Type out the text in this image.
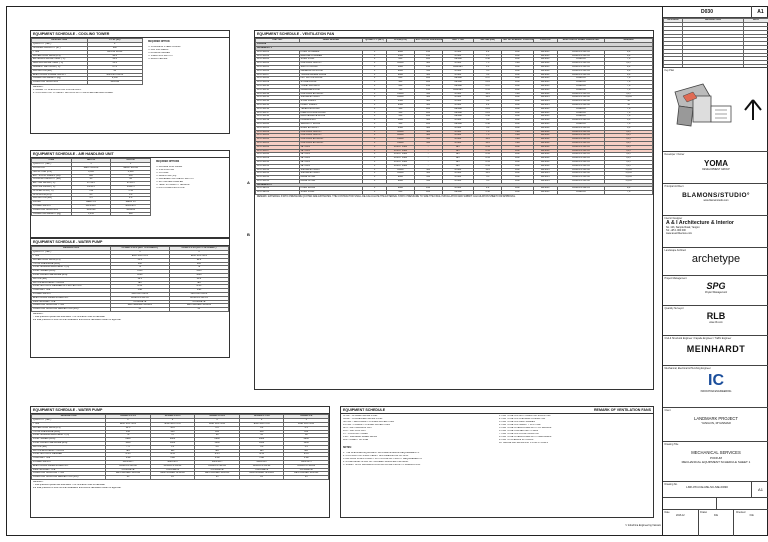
EQUIPMENT SCHEDULE - COOLING TOWER
DESCRIPTION	CT-01 (X2)
QUANTITY (SET)	2
NOMINAL CAPACITY (RT)	800
TYPE	CROSS FLOW
WATER FLOW RATE (L/S)	94.0
ENTERING WATER TEMP (°C)	36.0
LEAVING WATER TEMP (°C)	31.0
AMBIENT WET BULB (°C)	27.0
FAN MOTOR (kW)	30
ELECTRICAL POWER SUPPLY	380V/3PH/50HZ
OPERATING WEIGHT (kg)	9,500
VIBRATION ISOLATION	SPRING
REQUIRED OPTION
☐ STAINLESS STEEL CASING
☐ FRP FILL MEDIA
☐ ACCESS LADDER
☐ VIBRATION SWITCH
☐ BASIN HEATER
REMARK:
1. REFER TO SPECIFICATION FOR DETAILS.
2. CONTRACTOR TO VERIFY ALL DATA WITH SUPPLIER BEFORE ORDER.
EQUIPMENT SCHEDULE - AIR HANDLING UNIT
ITEM	AHU-01	AHU-02
QUANTITY (SET)	1	1
LOCATION	MECH ROOM	MECH ROOM
SUPPLY AIR (L/S)	4,500	3,200
EXT. STATIC PRESS. (Pa)	400	350
COOLING CAPACITY (kW)	85	62
ENT. AIR DB/WB (°C)	27/19.5	27/19.5
LVG. AIR DB/WB (°C)	13/12.5	13/12.5
CHW ENT/LVG (°C)	7/12	7/12
CHW FLOW (L/S)	4.1	3.0
FAN MOTOR (kW)	5.5	4.0
FILTER	MERV 13	MERV 13
POWER SUPPLY	380V/3PH	380V/3PH
VIBRATION ISOLATION	SPRING	SPRING
OPERATING WEIGHT (kg)	1,250	980
REQUIRED OPTIONS
☐ DOUBLE SKIN PANEL
☐ VSD FOR FAN
☐ UV LAMP
☐ DRAIN PAN (SS)
☐ DIFFERENTIAL PRESS. SWITCH
☐ MOTORISED DAMPER
☐ TEMP. & HUMIDITY SENSOR
☐ ANTI-CORROSION COIL
EQUIPMENT SCHEDULE - WATER PUMP
DESCRIPTION	PCHWP-P1-P3 (DUTY+STANDBY)	CDWP-P1-P3 (DUTY+STANDBY)
QUANTITY (SET)	3	3
TYPE	END SUCTION	END SUCTION
WATER FLOW RATE (L/S)	55.6	94.0
TOTAL PRESSURE (KPA)	180	200
PUMP MINIMUM EFFICIENCY (%)	75	78
PUMP SPEED (RPM)	1450	1450
PUMP RATED PRESSURE (kPa)	1000	1000
MOTOR (kW)	18.5	30.0
MOTOR EFFICIENCY CLASS	IE3	IE3
PUMP MOTOR IP DEGREE OF PROTECTION	IP55	IP55
STARTER TYPE	VSD	VSD
POWER SUPPLY	380V/3PH/50HZ	380V/3PH/50HZ
ELECTRICAL PANEL BOARD NO.	ACMCC-P-B1-01	ACMCC-P-B1-01
INERTIA BASE TYPE	CONCRETE	CONCRETE
VIBRATION ISOLATOR TYPE	RESTRAINED SPRING	RESTRAINED SPRING
VIBRATION ISOLATOR DEFLECTION (mm)	25	25
REMARK:
- Total pressure quoted are estimates. The contractor shall re-calculate
the total pressure to size the final installation and submit calculation sheet for approval.
EQUIPMENT SCHEDULE - WATER PUMP
DESCRIPTION	SCHWP-P1-P2	SCHWP-P3-P4	SCHWP-P5-P6	SCHWP-P7-P8	SCHWP-P9
QUANTITY (SET)	2	2	2	2	1
TYPE	END SUCTION	END SUCTION	END SUCTION	END SUCTION	END SUCTION
WATER FLOW RATE (L/S)	12.5	10.2	8.6	6.4	3.1
TOTAL PRESSURE (KPA)	250	240	220	200	180
PUMP MINIMUM EFFICIENCY (%)	70	70	68	65	60
PUMP SPEED (RPM)	2900	2900	2900	2900	2900
PUMP RATED PRESSURE (kPa)	1000	1000	1000	1000	1000
MOTOR (kW)	7.5	5.5	4.0	3.0	1.5
MOTOR EFFICIENCY CLASS	IE3	IE3	IE3	IE3	IE3
PUMP MOTOR IP DEGREE	IP55	IP55	IP55	IP55	IP55
STARTER TYPE	VSD	VSD	VSD	VSD	VSD
POWER SUPPLY	380V/3PH	380V/3PH	380V/3PH	380V/3PH	380V/3PH
ELECTRICAL PANEL BOARD NO.	ACMCC-P-B1-02	ACMCC-P-B1-02	ACMCC-P-B1-02	ACMCC-P-B1-02	ACMCC-P-B1-02
INERTIA BASE TYPE	CONCRETE	CONCRETE	CONCRETE	CONCRETE	CONCRETE
VIBRATION ISOLATOR TYPE	RESTRAINED SPRING	RESTRAINED SPRING	RESTRAINED SPRING	RESTRAINED SPRING	RESTRAINED SPRING
VIBRATION ISOLATOR DEFLECTION (mm)	25	25	25	25	25
REMARK:
- Total pressure quoted are estimates. The contractor shall re-calculate
the total pressure to size the final installation and submit calculation sheet for approval.
EQUIPMENT SCHEDULE - VENTILATION FAN
UNIT NO.	AREA SERVED	QUANTITY (SET)	FLOW (L/S)	EXT. STATIC PRESSURE	UNIT TYPE	MOTOR (kW)	NO. OF SPEEDS / STARTER	STARTER	ELECTRICAL PANEL BOARD NO.	REMARK
PODIUM										
BASEMENT 1										
FF-P-B1-01	PUMP CHAMBER	1	2000	250	AXIAL	2.2	DOL	DB-MV1	ACMCC-P-B1-03	8,9
FF-P-B1-02	REFUSE CHAMBER	1	1500	250	AXIAL	1.5	DOL	DB-MV1	ACMCC-P-B1-03	8,9
FF-P-B1-03	SUMP PUMP	1	200	200	INLINE	0.18	DOL	DB-MV1	Local DB	7,8
FF-P-B1-04	CAR PARK SUPPLY	1	12000	400	AXIAL	7.5	VSD	DB-MV2	ACMCC-P-B1-04	5,6,7
FF-P-B1-05	SWITCH ROOM	1	1800	250	CABINET	1.1	DOL	DB-MV1	ACMCC-P-B1-03	8,9
FF-P-B1-06	GENERATOR ROOM	1	9000	350	AXIAL	5.5	DOL	DB-MV2	ACMCC-P-B1-04	8,9
FF-P-B1-07	TRANSFORMER ROOM	1	6000	300	AXIAL	3.0	DOL	DB-MV2	ACMCC-P-B1-04	8,9
FF-P-B1-08	LIFT MOTOR ROOM	1	800	200	INLINE	0.37	DOL	DB-MV1	Local DB	7,8
FF-P-B1-09	STORE ROOM	1	400	200	INLINE	0.25	DOL	DB-MV1	Local DB	7,8
FF-P-B1-10	TOILET EXHAUST	1	600	250	INLINE	0.37	DOL	DB-MV1	Local DB	7,8
FF-P-B1-11	GARBAGE ROOM	1	700	250	CABINET	0.55	DOL	DB-MV1	Local DB	7,8
FF-P-B1-12	CAR PARK EXHAUST	1	14000	450	AXIAL	11.0	VSD	DB-MV2	ACMCC-P-B1-05	5,6,7
FF-P-B1-13	SMOKE EXTRACT	1	16000	500	AXIAL	15.0	DOL	DB-MV3	ACMCC-P-B1-06	5,6,10
FF-P-B1-14	STAIR PRESS.	1	3500	300	AXIAL	3.0	DOL	DB-MV3	ACMCC-P-B1-06	10
FF-P-B1-15	LOBBY PRESS.	1	2500	300	AXIAL	2.2	DOL	DB-MV3	ACMCC-P-B1-06	10
FF-P-B1-16	TELECOM ROOM	1	500	200	INLINE	0.25	DOL	DB-MV1	Local DB	7,8
FF-P-B1-17	FIRE CONTROL ROOM	1	450	200	INLINE	0.25	DOL	DB-MV1	Local DB	7,8
FF-P-B1-18	MAINTENANCE ROOM	1	350	200	INLINE	0.18	DOL	DB-MV1	Local DB	7,8
FF-P-B1-19	LOADING BAY	1	5000	300	AXIAL	3.0	DOL	DB-MV2	ACMCC-P-B1-05	5,6
FF-P-B1-20	SECURITY ROOM	1	300	200	INLINE	0.18	DOL	DB-MV1	Local DB	7,8
FF-P-B1-21	RAMP EXHAUST	1	4500	300	AXIAL	3.0	DOL	DB-MV2	ACMCC-P-B1-05	5,6
FF-P-B1-22	CAR PARK SUPPLY	1	12000	400	AXIAL	7.5	VSD	DB-MV2	ACMCC-P-B1-04	5,6,7
FF-P-B1-23	CAR PARK SUPPLY	1	12000	400	AXIAL	7.5	VSD	DB-MV2	ACMCC-P-B1-04	5,6,7
FF-P-B1-24	CAR PARK EXHAUST	1	14000	450	AXIAL	11.0	VSD	DB-MV2	ACMCC-P-B1-05	5,6,7
FF-P-B1-25	CAR PARK EXHAUST	1	14000	450	AXIAL	11.0	VSD	DB-MV2	ACMCC-P-B1-05	5,6,7
FF-P-B1-26	JET FAN	1	STRUT 1400	-	JET	0.55	DOL	DB-MV2	ACMCC-P-B1-05	5,6,7
FF-P-B1-27	JET FAN	1	STRUT 1400	-	JET	0.55	DOL	DB-MV2	ACMCC-P-B1-05	5,6,7
FF-P-B1-28	JET FAN	1	STRUT 1400	-	JET	0.55	DOL	DB-MV2	ACMCC-P-B1-05	5,6,7
FF-P-B1-29	JET FAN	1	STRUT 1400	-	JET	0.55	DOL	DB-MV2	ACMCC-P-B1-05	5,6,7
FF-P-B1-30	JET FAN	1	STRUT 1400	-	JET	0.55	DOL	DB-MV2	ACMCC-P-B1-05	5,6,7
FF-P-B1-31	JET FAN	1	STRUT 1400	-	JET	0.55	DOL	DB-MV2	ACMCC-P-B1-05	5,6,7
FF-P-B1-32	SMOKE EXTRACT	1	16000	500	AXIAL	15.0	DOL	DB-MV3	ACMCC-P-B1-06	5,6,10
FF-P-B1-33	SMOKE EXTRACT	1	16000	500	AXIAL	15.0	DOL	DB-MV3	ACMCC-P-B1-06	5,6,10
FF-P-B1-34	MAKE UP AIR	1	8000	350	AXIAL	5.5	DOL	DB-MV3	ACMCC-P-B1-06	5,6,10
FF-P-B1-35	MAKE UP AIR	1	8000	350	AXIAL	5.5	DOL	DB-MV3	ACMCC-P-B1-06	5,6,10
BASEMENT 2										
FF-P-B2-01	PUMP ROOM	1	2000	250	AXIAL	2.2	DOL	DB-MV1	ACMCC-P-B2-01	8,9
FF-P-B2-02	SUMP PUMP	1	200	200	INLINE	0.18	DOL	DB-MV1	Local DB	7,8
REMARK: EXTERNAL STATIC PRESSURE QUOTED ARE ESTIMATES. THE CONTRACTOR SHALL RE-CALCULATE THE EXTERNAL STATIC PRESSURE TO SIZE THE FINAL INSTALLATION AND SUBMIT CALCULATION SHEET FOR APPROVAL.
A
B
EQUIPMENT SCHEDULE	REMARK OF VENTILATION FANS
CHWP - CHILLED WATER PUMP
CDWP - CONDENSER WATER PUMP
SCHWP - SECONDARY CHILLED WATER PUMP
PCHWP - PRIMARY CHILLED WATER PUMP
AHU - AIR HANDLING UNIT
FCU - FAN COIL UNIT
CT - COOLING TOWER
VSD - VARIABLE SPEED DRIVE
DOL - DIRECT ON LINE
1. FAN TO BE C/W ANTI-VIBRATION MOUNTING
2. FAN TO BE C/W FLEXIBLE CONNECTOR
3. FAN TO BE C/W BIRD SCREEN
4. FAN TO BE C/W GRAVITY SHUTTER
5. FAN TO BE INTERLOCKED WITH CO SENSOR
6. FAN TO BE CONNECTED TO BMS
7. FAN TO BE C/W LOCAL ISOLATOR
8. FAN TO BE INTERLOCKED WITH FIRE ALARM
9. FAN TO OPERATE 24 HOURS
10. SMOKE FAN RATED 250°C FOR 2 HOURS
NOTES:
1. THE SPECIFIED EQUIPMENT DATA ARE MINIMUM REQUIREMENTS.
2. CONTRACTOR SHALL VERIFY ALL DIMENSIONS ON SITE.
3. ALL FANS SHALL COMPLY WITH LOCAL AUTHORITY REQUIREMENTS.
4. NOISE LEVEL SHALL NOT EXCEED SPECIFIED CRITERIA.
5. SUBMIT SHOP DRAWINGS FOR APPROVAL PRIOR TO FABRICATION.
© Indochina Engineering Vietnam
D030	A1
REVISION	DESCRIPTION	DATE

Key Plan
Developer / Owner
YOMA
DEVELOPMENT GROUP
Principal Architect
BLAMONS/STUDIO°
www.blamonstudio.com
Interior Designer
A & I Architecture & Interior
No. 123, Sample Road, Yangon
Tel: +95 1 000 000
www.ai-architecture.com
Landscape Architect
archetype
Project Management
SPG
Project Management
Quantity Surveyor
RLB
www.rlb.com
Civil & Structural Engineer / Façade Engineer / Traffic Engineer
MEINHARDT
Mechanical, Electrical & Plumbing Engineer
IC
INDOCHINA ENGINEERING
Client
LANDMARK PROJECT
YANGON, MYANMAR
Drawing Title
MECHANICAL SERVICES
PODIUM
MECHANICAL EQUIPMENT SCHEDULE SHEET 1
Drawing No.
LMK-PD-ICE-ME-SC-ME-D030	A1
Date
2016.12
Drawn
ICE
Checked
ICE
